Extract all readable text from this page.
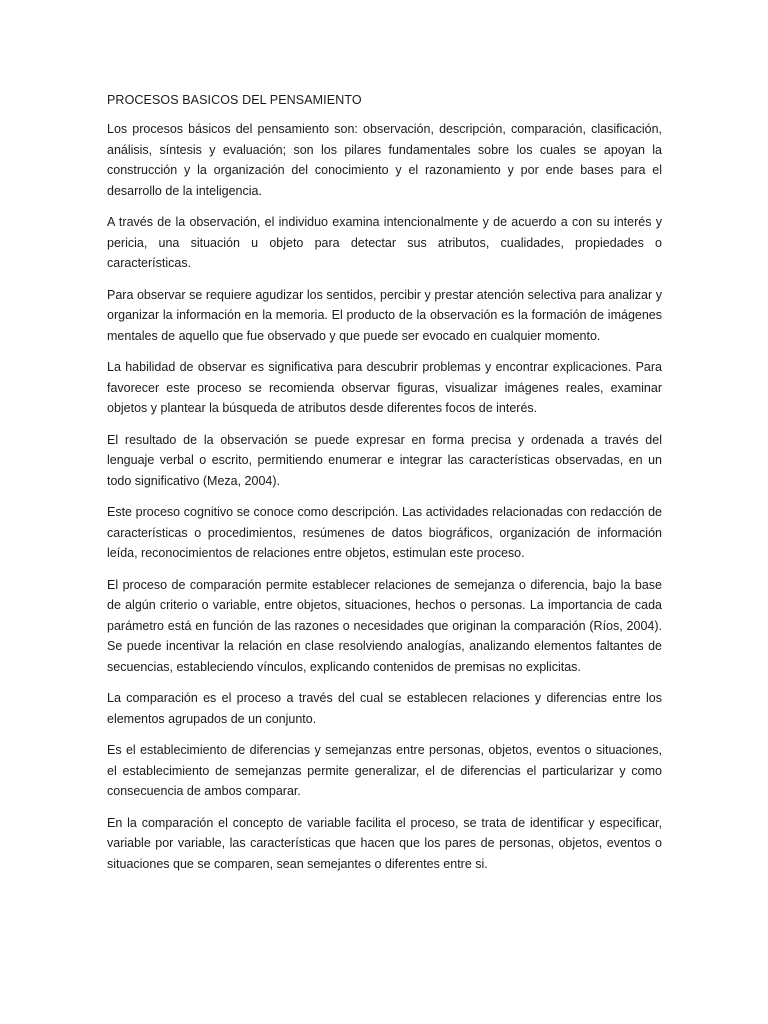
PROCESOS BASICOS DEL PENSAMIENTO

Los procesos básicos del pensamiento son: observación, descripción, comparación, clasificación, análisis, síntesis y evaluación; son los pilares fundamentales sobre los cuales se apoyan la construcción y la organización del conocimiento y el razonamiento y por ende bases para el desarrollo de la inteligencia.

A través de la observación, el individuo examina intencionalmente y de acuerdo a con su interés y pericia, una situación u objeto para detectar sus atributos, cualidades, propiedades o características.

Para observar se requiere agudizar los sentidos, percibir y prestar atención selectiva para analizar y organizar la información en la memoria. El producto de la observación es la formación de imágenes mentales de aquello que fue observado y que puede ser evocado en cualquier momento.

La habilidad de observar es significativa para descubrir problemas y encontrar explicaciones. Para favorecer este proceso se recomienda observar figuras, visualizar imágenes reales, examinar objetos y plantear la búsqueda de atributos desde diferentes focos de interés.

El resultado de la observación se puede expresar en forma precisa y ordenada a través del lenguaje verbal o escrito, permitiendo enumerar e integrar las características observadas, en un todo significativo (Meza, 2004).

Este proceso cognitivo se conoce como descripción. Las actividades relacionadas con redacción de características o procedimientos, resúmenes de datos biográficos, organización de información leída, reconocimientos de relaciones entre objetos, estimulan este proceso.

El proceso de comparación permite establecer relaciones de semejanza o diferencia, bajo la base de algún criterio o variable, entre objetos, situaciones, hechos o personas. La importancia de cada parámetro está en función de las razones o necesidades que originan la comparación (Ríos, 2004). Se puede incentivar la relación en clase resolviendo analogías, analizando elementos faltantes de secuencias, estableciendo vínculos, explicando contenidos de premisas no explicitas.

La comparación es el proceso a través del cual se establecen relaciones y diferencias entre los elementos agrupados de un conjunto.

Es el establecimiento de diferencias y semejanzas entre personas, objetos, eventos o situaciones, el establecimiento de semejanzas permite generalizar, el de diferencias el particularizar y como consecuencia de ambos comparar.

En la comparación el concepto de variable facilita el proceso, se trata de identificar y especificar, variable por variable, las características que hacen que los pares de personas, objetos, eventos o situaciones que se comparen, sean semejantes o diferentes entre si.
